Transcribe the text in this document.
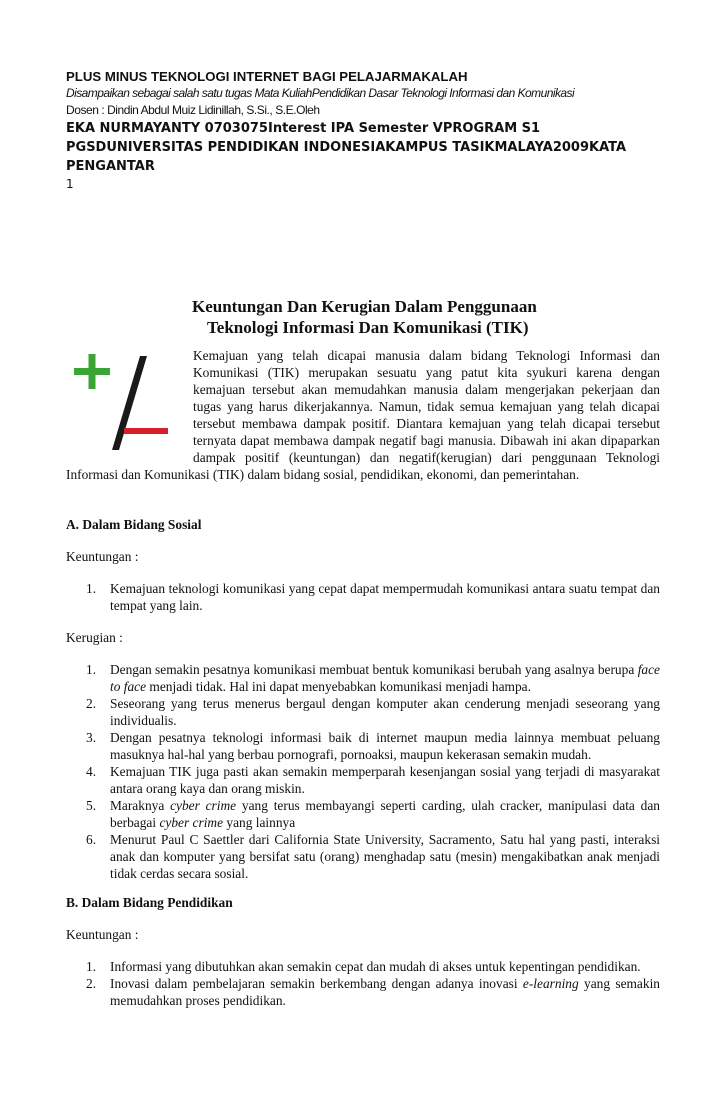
PLUS MINUS TEKNOLOGI INTERNET BAGI PELAJARMAKALAH
Disampaikan sebagai salah satu tugas Mata KuliahPendidikan Dasar Teknologi Informasi dan Komunikasi
Dosen : Dindin Abdul Muiz Lidinillah, S.Si., S.E.Oleh
EKA NURMAYANTY 0703075Interest IPA Semester VPROGRAM S1
PGSDUNIVERSITAS PENDIDIKAN INDONESIAKAMPUS TASIKMALAYA2009KATA
PENGANTAR
1
Keuntungan Dan Kerugian Dalam Penggunaan
Teknologi Informasi Dan Komunikasi (TIK)
Kemajuan yang telah dicapai manusia dalam bidang Teknologi Informasi dan Komunikasi (TIK) merupakan sesuatu yang patut kita syukuri karena dengan kemajuan tersebut akan memudahkan manusia dalam mengerjakan pekerjaan dan tugas yang harus dikerjakannya. Namun, tidak semua kemajuan yang telah dicapai tersebut membawa dampak positif. Diantara kemajuan yang telah dicapai tersebut ternyata dapat membawa dampak negatif bagi manusia. Dibawah ini akan dipaparkan dampak positif (keuntungan) dan negatif(kerugian) dari penggunaan Teknologi Informasi dan Komunikasi (TIK) dalam bidang sosial, pendidikan, ekonomi, dan pemerintahan.
A. Dalam Bidang Sosial
Keuntungan :
1. Kemajuan teknologi komunikasi yang cepat dapat mempermudah komunikasi antara suatu tempat dan tempat yang lain.
Kerugian :
1. Dengan semakin pesatnya komunikasi membuat bentuk komunikasi berubah yang asalnya berupa face to face menjadi tidak. Hal ini dapat menyebabkan komunikasi menjadi hampa.
2. Seseorang yang terus menerus bergaul dengan komputer akan cenderung menjadi seseorang yang individualis.
3. Dengan pesatnya teknologi informasi baik di internet maupun media lainnya membuat peluang masuknya hal-hal yang berbau pornografi, pornoaksi, maupun kekerasan semakin mudah.
4. Kemajuan TIK juga pasti akan semakin memperparah kesenjangan sosial yang terjadi di masyarakat antara orang kaya dan orang miskin.
5. Maraknya cyber crime yang terus membayangi seperti carding, ulah cracker, manipulasi data dan berbagai cyber crime yang lainnya
6. Menurut Paul C Saettler dari California State University, Sacramento, Satu hal yang pasti, interaksi anak dan komputer yang bersifat satu (orang) menghadap satu (mesin) mengakibatkan anak menjadi tidak cerdas secara sosial.
B. Dalam Bidang Pendidikan
Keuntungan :
1. Informasi yang dibutuhkan akan semakin cepat dan mudah di akses untuk kepentingan pendidikan.
2. Inovasi dalam pembelajaran semakin berkembang dengan adanya inovasi e-learning yang semakin memudahkan proses pendidikan.
